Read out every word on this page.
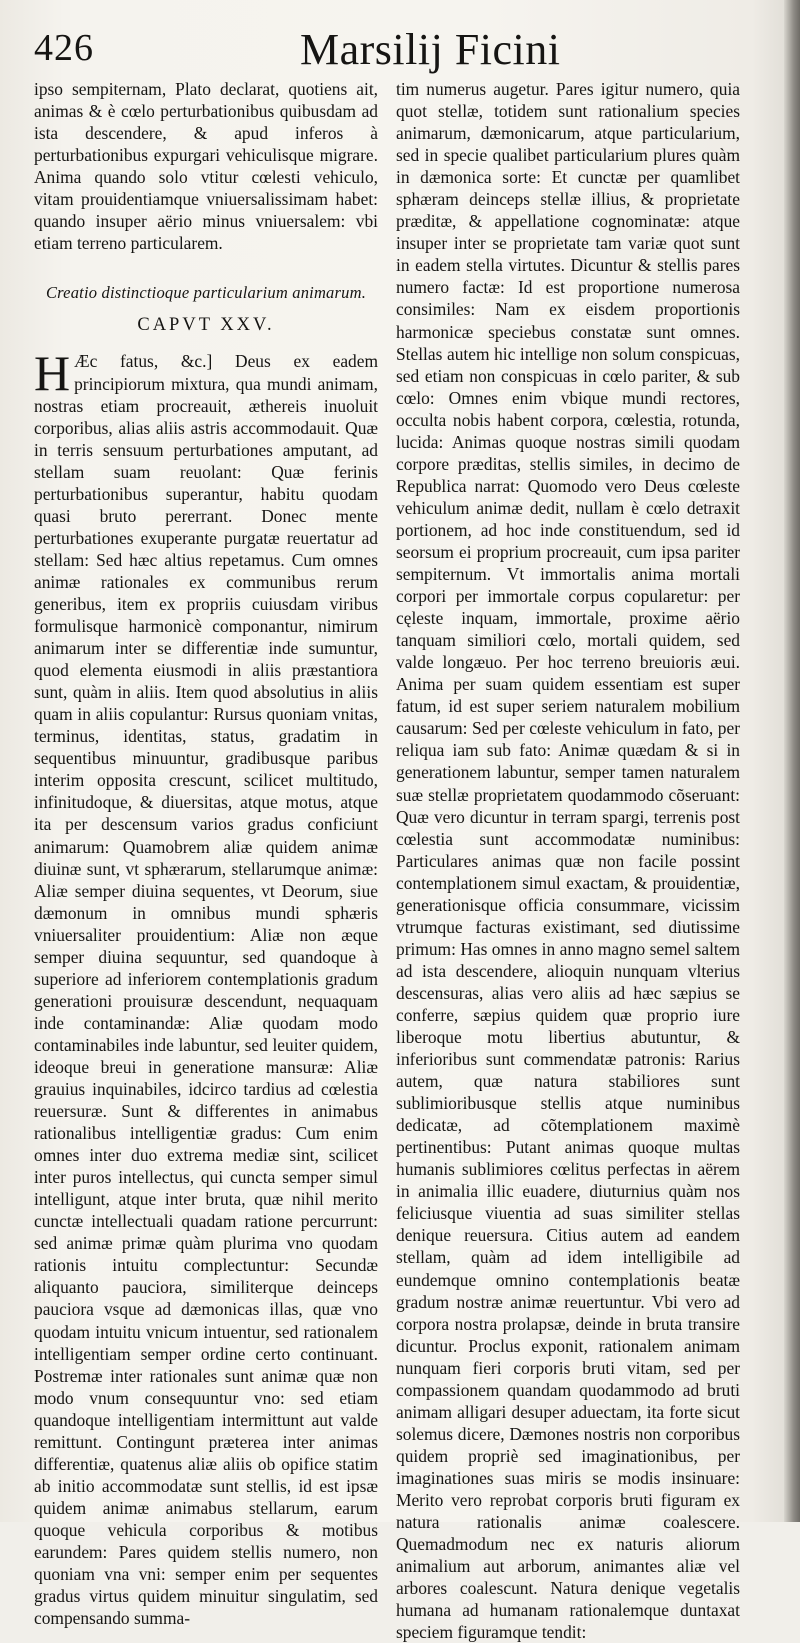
426	Marsilij Ficini

ipso sempiternam, Plato declarat, quotiens ait, animas & è cœlo perturbationibus quibusdam ad ista descendere, & apud inferos à perturbationibus expurgari vehiculisque migrare. Anima quando solo vtitur cœlesti vehiculo, vitam prouidentiamque vniuersalissimam habet: quando insuper aërio minus vniuersalem: vbi etiam terreno particularem.

Creatio distinctioque particularium animarum.
CAPVT XXV.

H Æc fatus, &c.] Deus ex eadem principiorum mixtura, qua mundi animam, nostras etiam procreauit, æthereis inuoluit corporibus, alias aliis astris accommodauit. Quæ in terris sensuum perturbationes amputant, ad stellam suam reuolant: Quæ ferinis perturbationibus superantur, habitu quodam quasi bruto pererrant. Donec mente perturbationes exuperante purgatæ reuertatur ad stellam: Sed hæc altius repetamus. Cum omnes animæ rationales ex communibus rerum generibus, item ex propriis cuiusdam viribus formulisque harmonicè componantur, nimirum animarum inter se differentiæ inde sumuntur, quod elementa eiusmodi in aliis præstantiora sunt, quàm in aliis. Item quod absolutius in aliis quam in aliis copulantur: Rursus quoniam vnitas, terminus, identitas, status, gradatim in sequentibus minuuntur, gradibusque paribus interim opposita crescunt, scilicet multitudo, infinitudoque, & diuersitas, atque motus, atque ita per descensum varios gradus conficiunt animarum: Quamobrem aliæ quidem animæ diuinæ sunt, vt sphærarum, stellarumque animæ: Aliæ semper diuina sequentes, vt Deorum, siue dæmonum in omnibus mundi sphæris vniuersaliter prouidentium: Aliæ non æque semper diuina sequuntur, sed quandoque à superiore ad inferiorem contemplationis gradum generationi prouisuræ descendunt, nequaquam inde contaminandæ: Aliæ quodam modo contaminabiles inde labuntur, sed leuiter quidem, ideoque breui in generatione mansuræ: Aliæ grauius inquinabiles, idcirco tardius ad cœlestia reuersuræ. Sunt & differentes in animabus rationalibus intelligentiæ gradus: Cum enim omnes inter duo extrema mediæ sint, scilicet inter puros intellectus, qui cuncta semper simul intelligunt, atque inter bruta, quæ nihil merito cunctæ intellectuali quadam ratione percurrunt: sed animæ primæ quàm plurima vno quodam rationis intuitu complectuntur: Secundæ aliquanto pauciora, similiterque deinceps pauciora vsque ad dæmonicas illas, quæ vno quodam intuitu vnicum intuentur, sed rationalem intelligentiam semper ordine certo continuant. Postremæ inter rationales sunt animæ quæ non modo vnum consequuntur vno: sed etiam quandoque intelligentiam intermittunt aut valde remittunt. Contingunt præterea inter animas differentiæ, quatenus aliæ aliis ob opifice statim ab initio accommodatæ sunt stellis, id est ipsæ quidem animæ animabus stellarum, earum quoque vehicula corporibus & motibus earundem: Pares quidem stellis numero, non quoniam vna vni: semper enim per sequentes gradus virtus quidem minuitur singulatim, sed compensando summa-

tim numerus augetur. Pares igitur numero, quia quot stellæ, totidem sunt rationalium species animarum, dæmonicarum, atque particularium, sed in specie qualibet particularium plures quàm in dæmonica sorte: Et cunctæ per quamlibet sphæram deinceps stellæ illius, & proprietate præditæ, & appellatione cognominatæ: atque insuper inter se proprietate tam variæ quot sunt in eadem stella virtutes. Dicuntur & stellis pares numero factæ: Id est proportione numerosa consimiles: Nam ex eisdem proportionis harmonicæ speciebus constatæ sunt omnes. Stellas autem hic intellige non solum conspicuas, sed etiam non conspicuas in cœlo pariter, & sub cœlo: Omnes enim vbique mundi rectores, occulta nobis habent corpora, cœlestia, rotunda, lucida: Animas quoque nostras simili quodam corpore præditas, stellis similes, in decimo de Republica narrat: Quomodo vero Deus cœleste vehiculum animæ dedit, nullam è cœlo detraxit portionem, ad hoc inde constituendum, sed id seorsum ei proprium procreauit, cum ipsa pariter sempiternum. Vt immortalis anima mortali corpori per immortale corpus copularetur: per cęleste inquam, immortale, proxime aërio tanquam similiori cœlo, mortali quidem, sed valde longæuo. Per hoc terreno breuioris æui. Anima per suam quidem essentiam est super fatum, id est super seriem naturalem mobilium causarum: Sed per cœleste vehiculum in fato, per reliqua iam sub fato: Animæ quædam & si in generationem labuntur, semper tamen naturalem suæ stellæ proprietatem quodammodo cõseruant: Quæ vero dicuntur in terram spargi, terrenis post cœlestia sunt accommodatæ numinibus: Particulares animas quæ non facile possint contemplationem simul exactam, & prouidentiæ, generationisque officia consummare, vicissim vtrumque facturas existimant, sed diutissime primum: Has omnes in anno magno semel saltem ad ista descendere, alioquin nunquam vlterius descensuras, alias vero aliis ad hæc sæpius se conferre, sæpius quidem quæ proprio iure liberoque motu libertius abutuntur, & inferioribus sunt commendatæ patronis: Rarius autem, quæ natura stabiliores sunt sublimioribusque stellis atque numinibus dedicatæ, ad cõtemplationem maximè pertinentibus: Putant animas quoque multas humanis sublimiores cœlitus perfectas in aërem in animalia illic euadere, diuturnius quàm nos feliciusque viuentia ad suas similiter stellas denique reuersura. Citius autem ad eandem stellam, quàm ad idem intelligibile ad eundemque omnino contemplationis beatæ gradum nostræ animæ reuertuntur. Vbi vero ad corpora nostra prolapsæ, deinde in bruta transire dicuntur. Proclus exponit, rationalem animam nunquam fieri corporis bruti vitam, sed per compassionem quandam quodammodo ad bruti animam alligari desuper aduectam, ita forte sicut solemus dicere, Dæmones nostris non corporibus quidem propriè sed imaginationibus, per imaginationes suas miris se modis insinuare: Merito vero reprobat corporis bruti figuram ex natura rationalis animæ coalescere. Quemadmodum nec ex naturis aliorum animalium aut arborum, animantes aliæ vel arbores coalescunt. Natura denique vegetalis humana ad humanam rationalemque duntaxat speciem figuramque tendit:
